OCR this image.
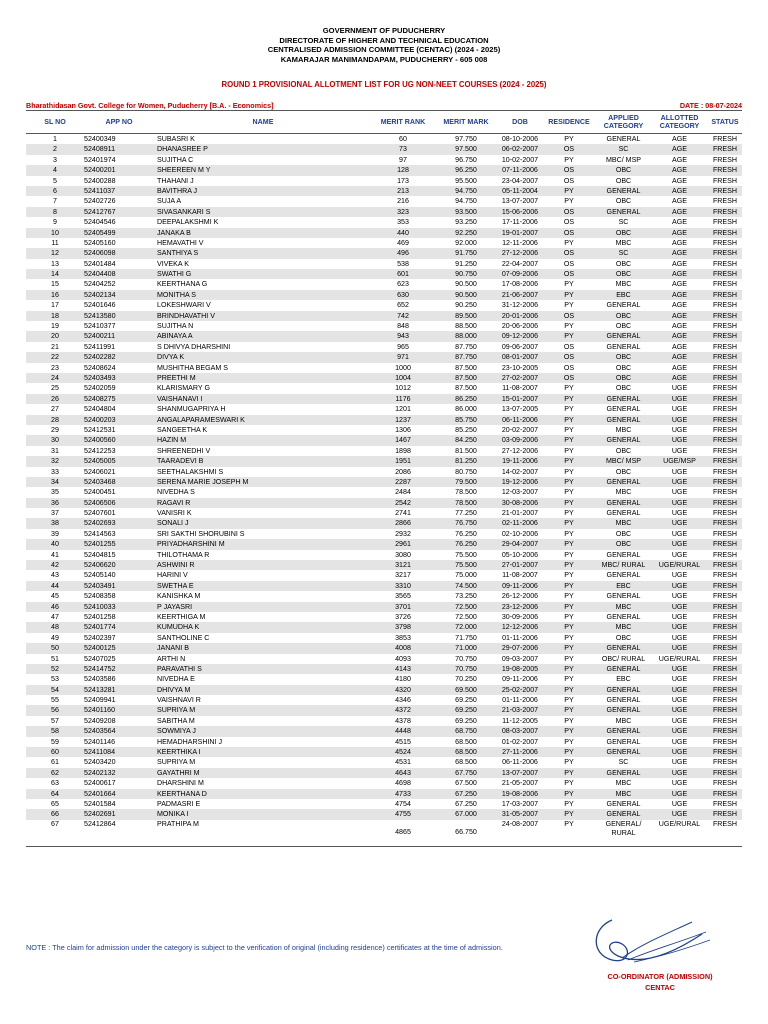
GOVERNMENT OF PUDUCHERRY
DIRECTORATE OF HIGHER AND TECHNICAL EDUCATION
CENTRALISED ADMISSION COMMITTEE (CENTAC) (2024 - 2025)
KAMARAJAR MANIMANDAPAM, PUDUCHERRY - 605 008
ROUND 1 PROVISIONAL ALLOTMENT LIST FOR UG NON-NEET COURSES (2024 - 2025)
Bharathidasan Govt. College for Women, Puducherry [B.A. - Economics]	DATE : 08-07-2024
SL NO	APP NO	NAME	MERIT RANK	MERIT MARK	DOB	RESIDENCE	APPLIED CATEGORY	ALLOTTED CATEGORY	STATUS
1	52400349	SUBASRI K	60	97.750	08-10-2006	PY	GENERAL	AGE	FRESH
2	52408911	DHANASREE P	73	97.500	06-02-2007	OS	SC	AGE	FRESH
3	52401974	SUJITHA C	97	96.750	10-02-2007	PY	MBC/ MSP	AGE	FRESH
4	52400201	SHEEREEN M Y	128	96.250	07-11-2006	OS	OBC	AGE	FRESH
5	52400288	THAHANI J	173	95.500	23-04-2007	OS	OBC	AGE	FRESH
6	52411037	BAVITHRA J	213	94.750	05-11-2004	PY	GENERAL	AGE	FRESH
7	52402726	SUJA A	216	94.750	13-07-2007	PY	OBC	AGE	FRESH
8	52412767	SIVASANKARI S	323	93.500	15-06-2006	OS	GENERAL	AGE	FRESH
9	52404546	DEEPALAKSHMI K	353	93.250	17-11-2006	OS	SC	AGE	FRESH
10	52405499	JANAKA B	440	92.250	19-01-2007	OS	OBC	AGE	FRESH
11	52405160	HEMAVATHI V	469	92.000	12-11-2006	PY	MBC	AGE	FRESH
12	52406098	SANTHIYA S	496	91.750	27-12-2006	OS	SC	AGE	FRESH
13	52401484	VIVEKA K	538	91.250	22-04-2007	OS	OBC	AGE	FRESH
14	52404408	SWATHI G	601	90.750	07-09-2006	OS	OBC	AGE	FRESH
15	52404252	KEERTHANA G	623	90.500	17-08-2006	PY	MBC	AGE	FRESH
16	52402134	MONITHA S	630	90.500	21-06-2007	PY	EBC	AGE	FRESH
17	52401646	LOKESHWARI V	652	90.250	31-12-2006	PY	GENERAL	AGE	FRESH
18	52413580	BRINDHAVATHI V	742	89.500	20-01-2006	OS	OBC	AGE	FRESH
19	52410377	SUJITHA N	848	88.500	20-06-2006	PY	OBC	AGE	FRESH
20	52400211	ABINAYA A	943	88.000	09-12-2006	PY	GENERAL	AGE	FRESH
21	52411991	S DHIVYA DHARSHINI	965	87.750	09-06-2007	OS	GENERAL	AGE	FRESH
22	52402282	DIVYA K	971	87.750	08-01-2007	OS	OBC	AGE	FRESH
23	52408624	MUSHITHA BEGAM S	1000	87.500	23-10-2005	OS	OBC	AGE	FRESH
24	52403493	PREETHI M	1004	87.500	27-02-2007	OS	OBC	AGE	FRESH
25	52402059	KLARISMARY G	1012	87.500	11-08-2007	PY	OBC	UGE	FRESH
26	52408275	VAISHANAVI I	1176	86.250	15-01-2007	PY	GENERAL	UGE	FRESH
27	52404804	SHANMUGAPRIYA H	1201	86.000	13-07-2005	PY	GENERAL	UGE	FRESH
28	52400203	ANGALAPARAMESWARI K	1237	85.750	06-11-2006	PY	GENERAL	UGE	FRESH
29	52412531	SANGEETHA K	1306	85.250	20-02-2007	PY	MBC	UGE	FRESH
30	52400560	HAZIN M	1467	84.250	03-09-2006	PY	GENERAL	UGE	FRESH
31	52412253	SHREENEDHI V	1898	81.500	27-12-2006	PY	OBC	UGE	FRESH
32	52405005	TAARADEVI B	1951	81.250	19-11-2006	PY	MBC/ MSP	UGE/MSP	FRESH
33	52406021	SEETHALAKSHMI S	2086	80.750	14-02-2007	PY	OBC	UGE	FRESH
34	52403468	SERENA MARIE JOSEPH M	2287	79.500	19-12-2006	PY	GENERAL	UGE	FRESH
35	52400451	NIVEDHA S	2484	78.500	12-03-2007	PY	MBC	UGE	FRESH
36	52406506	RAGAVI R	2542	78.500	30-08-2006	PY	GENERAL	UGE	FRESH
37	52407601	VANISRI K	2741	77.250	21-01-2007	PY	GENERAL	UGE	FRESH
38	52402693	SONALI J	2866	76.750	02-11-2006	PY	MBC	UGE	FRESH
39	52414563	SRI SAKTHI SHORUBINI S	2932	76.250	02-10-2006	PY	OBC	UGE	FRESH
40	52401255	PRIYADHARSHINI M	2961	76.250	29-04-2007	PY	OBC	UGE	FRESH
41	52404815	THILOTHAMA R	3080	75.500	05-10-2006	PY	GENERAL	UGE	FRESH
42	52406620	ASHWINI R	3121	75.500	27-01-2007	PY	MBC/ RURAL	UGE/RURAL	FRESH
43	52405140	HARINI V	3217	75.000	11-08-2007	PY	GENERAL	UGE	FRESH
44	52403491	SWETHA E	3310	74.500	09-11-2006	PY	EBC	UGE	FRESH
45	52408358	KANISHKA M	3565	73.250	26-12-2006	PY	GENERAL	UGE	FRESH
46	52410033	P JAYASRI	3701	72.500	23-12-2006	PY	MBC	UGE	FRESH
47	52401258	KEERTHIGA M	3726	72.500	30-09-2006	PY	GENERAL	UGE	FRESH
48	52401774	KUMUDHA K	3798	72.000	12-12-2006	PY	MBC	UGE	FRESH
49	52402397	SANTHOLINE C	3853	71.750	01-11-2006	PY	OBC	UGE	FRESH
50	52400125	JANANI B	4008	71.000	29-07-2006	PY	GENERAL	UGE	FRESH
51	52407025	ARTHI N	4093	70.750	09-03-2007	PY	OBC/ RURAL	UGE/RURAL	FRESH
52	52414752	PARAVATHI S	4143	70.750	19-08-2005	PY	GENERAL	UGE	FRESH
53	52403586	NIVEDHA E	4180	70.250	09-11-2006	PY	EBC	UGE	FRESH
54	52413281	DHIVYA M	4320	69.500	25-02-2007	PY	GENERAL	UGE	FRESH
55	52409941	VAISHNAVI R	4346	69.250	01-11-2006	PY	GENERAL	UGE	FRESH
56	52401160	SUPRIYA M	4372	69.250	21-03-2007	PY	GENERAL	UGE	FRESH
57	52409208	SABITHA M	4378	69.250	11-12-2005	PY	MBC	UGE	FRESH
58	52403564	SOWMIYA J	4448	68.750	08-03-2007	PY	GENERAL	UGE	FRESH
59	52401146	HEMADHARSHINI J	4515	68.500	01-02-2007	PY	GENERAL	UGE	FRESH
60	52411084	KEERTHIKA I	4524	68.500	27-11-2006	PY	GENERAL	UGE	FRESH
61	52403420	SUPRIYA M	4531	68.500	06-11-2006	PY	SC	UGE	FRESH
62	52402132	GAYATHRI M	4643	67.750	13-07-2007	PY	GENERAL	UGE	FRESH
63	52400617	DHARSHINI M	4698	67.500	21-05-2007	PY	MBC	UGE	FRESH
64	52401664	KEERTHANA D	4733	67.250	19-08-2006	PY	MBC	UGE	FRESH
65	52401584	PADMASRI E	4754	67.250	17-03-2007	PY	GENERAL	UGE	FRESH
66	52402691	MONIKA I	4755	67.000	31-05-2007	PY	GENERAL	UGE	FRESH
67	52412864	PRATHIPA M	4865	66.750	24-08-2007	PY	GENERAL/ RURAL	UGE/RURAL	FRESH
NOTE : The claim for admission under the category is subject to the verification of original (including residence) certificates at the time of admission.
CO-ORDINATOR (ADMISSION)
CENTAC
